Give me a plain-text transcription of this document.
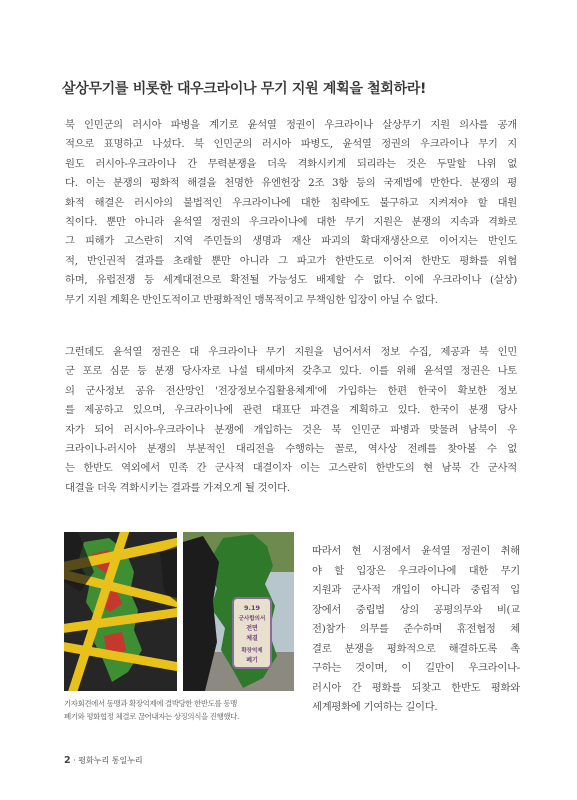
살상무기를 비롯한 대우크라이나 무기 지원 계획을 철회하라!

북 인민군의 러시아 파병을 계기로 윤석열 정권이 우크라이나 살상무기 지원 의사를 공개
적으로 표명하고 나섰다. 북 인민군의 러시아 파병도, 윤석열 정권의 우크라이나 무기 지
원도 러시아-우크라이나 간 무력분쟁을 더욱 격화시키게 되리라는 것은 두말할 나위 없
다. 이는 분쟁의 평화적 해결을 천명한 유엔헌장 2조 3항 등의 국제법에 반한다. 분쟁의 평
화적 해결은 러시아의 불법적인 우크라이나에 대한 침략에도 불구하고 지켜져야 할 대원
칙이다. 뿐만 아니라 윤석열 정권의 우크라이나에 대한 무기 지원은 분쟁의 지속과 격화로
그 피해가 고스란히 지역 주민들의 생명과 재산 파괴의 확대재생산으로 이어지는 반인도
적, 반인권적 결과를 초래할 뿐만 아니라 그 파고가 한반도로 이어져 한반도 평화를 위협
하며, 유럽전쟁 등 세계대전으로 확전될 가능성도 배제할 수 없다. 이에 우크라이나 (살상)
무기 지원 계획은 반인도적이고 반평화적인 맹목적이고 무책임한 입장이 아닐 수 없다.

그런데도 윤석열 정권은 대 우크라이나 무기 지원을 넘어서서 정보 수집, 제공과 북 인민
군 포로 심문 등 분쟁 당사자로 나설 태세마저 갖추고 있다. 이를 위해 윤석열 정권은 나토
의 군사정보 공유 전산망인 '전장정보수집활용체계'에 가입하는 한편 한국이 확보한 정보
를 제공하고 있으며, 우크라이나에 관련 대표단 파견을 계획하고 있다. 한국이 분쟁 당사
자가 되어 러시아-우크라이나 분쟁에 개입하는 것은 북 인민군 파병과 맞물려 남북이 우
크라이나-러시아 분쟁의 부분적인 대리전을 수행하는 꼴로, 역사상 전례를 찾아볼 수 없
는 한반도 역외에서 민족 간 군사적 대결이자 이는 고스란히 한반도의 현 남북 간 군사적
대결을 더욱 격화시키는 결과를 가져오게 될 것이다.

9.19
군사합의서
전면
체결
확장억제
폐기
기자회견에서 동맹과 확장억제에 결박당한 한반도를 동맹
폐기와 평화협정 체결로 끊어내자는 상징의식을 진행했다.

따라서 현 시점에서 윤석열 정권이 취해
야 할 입장은 우크라이나에 대한 무기
지원과 군사적 개입이 아니라 중립적 입
장에서 중립법 상의 공평의무와 비(교
전)참가 의무를 준수하며 휴전협정 체
결로 분쟁을 평화적으로 해결하도록 촉
구하는 것이며, 이 길만이 우크라이나-
러시아 간 평화를 되찾고 한반도 평화와
세계평화에 기여하는 길이다.

2 · 평화누리 통일누리
